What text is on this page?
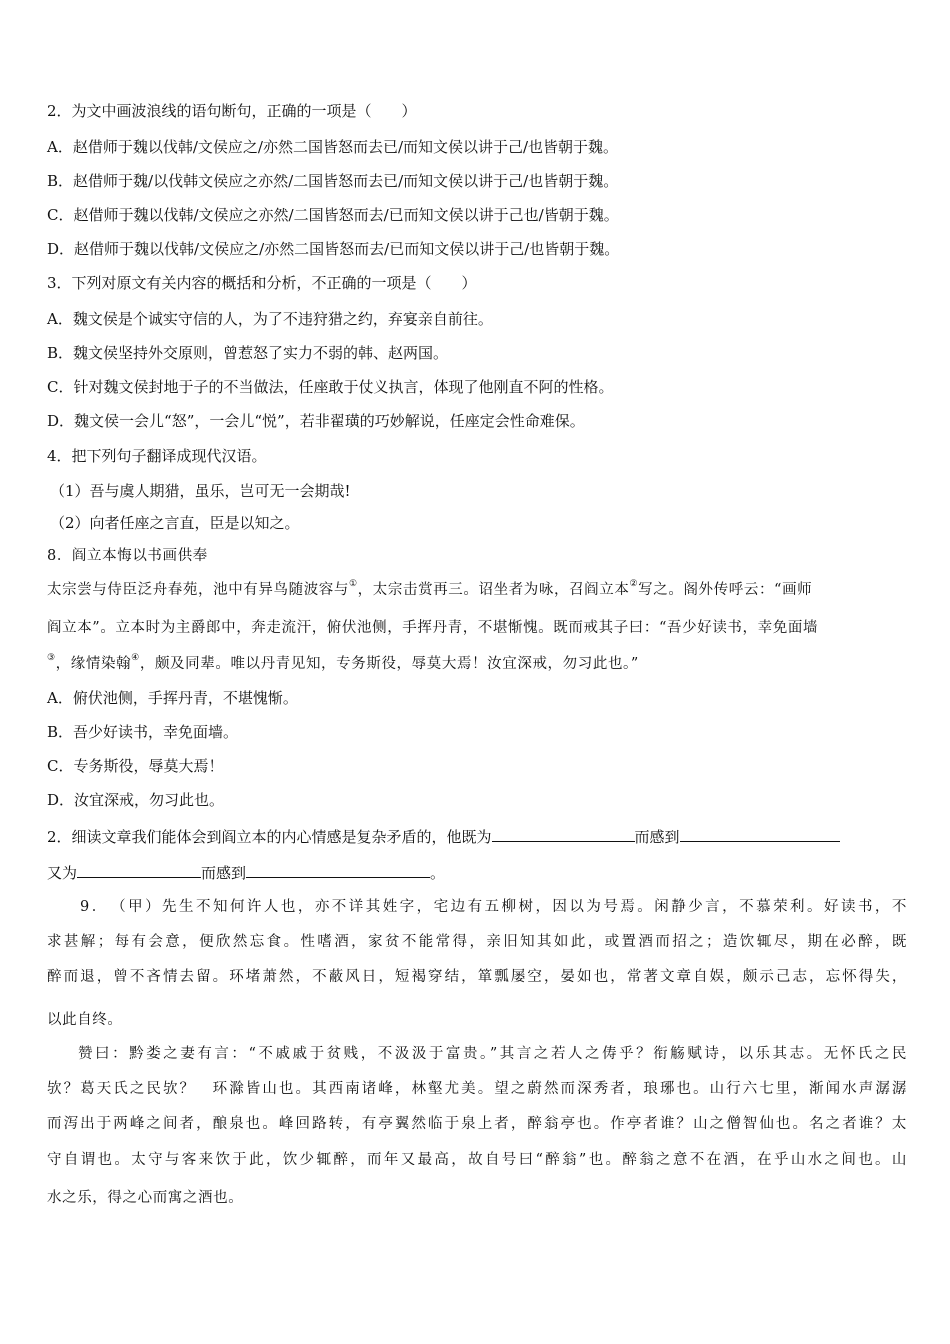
2．为文中画波浪线的语句断句，正确的一项是（　　）
A．赵借师于魏以伐韩/文侯应之/亦然二国皆怒而去已/而知文侯以讲于己/也皆朝于魏。
B．赵借师于魏/以伐韩文侯应之亦然/二国皆怒而去已/而知文侯以讲于己/也皆朝于魏。
C．赵借师于魏以伐韩/文侯应之亦然/二国皆怒而去/已而知文侯以讲于己也/皆朝于魏。
D．赵借师于魏以伐韩/文侯应之/亦然二国皆怒而去/已而知文侯以讲于己/也皆朝于魏。
3．下列对原文有关内容的概括和分析，不正确的一项是（　　）
A．魏文侯是个诚实守信的人，为了不违狩猎之约，弃宴亲自前往。
B．魏文侯坚持外交原则，曾惹怒了实力不弱的韩、赵两国。
C．针对魏文侯封地于子的不当做法，任座敢于仗义执言，体现了他刚直不阿的性格。
D．魏文侯一会儿“怒”，一会儿“悦”，若非翟璜的巧妙解说，任座定会性命难保。
4．把下列句子翻译成现代汉语。
（1）吾与虞人期猎，虽乐，岂可无一会期哉!
（2）向者任座之言直，臣是以知之。
8．阎立本悔以书画供奉
太宗尝与侍臣泛舟春苑，池中有异鸟随波容与①，太宗击赏再三。诏坐者为咏，召阎立本②写之。阁外传呼云：“画师
阎立本”。立本时为主爵郎中，奔走流汗，俯伏池侧，手挥丹青，不堪惭愧。既而戒其子曰：“吾少好读书，幸免面墙
③，缘情染翰④，颇及同辈。唯以丹青见知，专务斯役，辱莫大焉！汝宜深戒，勿习此也。”
A．俯伏池侧，手挥丹青，不堪愧惭。
B．吾少好读书，幸免面墙。
C．专务斯役，辱莫大焉！
D．汝宜深戒，勿习此也。
2．细读文章我们能体会到阎立本的内心情感是复杂矛盾的，他既为	而感到
又为	而感到	。
9．　（甲）先生不知何许人也，亦不详其姓字，宅边有五柳树，因以为号焉。闲静少言，不慕荣利。好读书，不
求甚解；每有会意，便欣然忘食。性嗜酒，家贫不能常得，亲旧知其如此，或置酒而招之；造饮辄尽，期在必醉，既
醉而退，曾不吝情去留。环堵萧然，不蔽风日，短褐穿结，箪瓢屡空，晏如也，常著文章自娱，颇示己志，忘怀得失，
以此自终。
赞曰：黔娄之妻有言：“不戚戚于贫贱，不汲汲于富贵。”其言之若人之俦乎？衔觞赋诗，以乐其志。无怀氏之民
欤？葛天氏之民欤？　环滁皆山也。其西南诸峰，林壑尤美。望之蔚然而深秀者，琅琊也。山行六七里，渐闻水声潺潺
而泻出于两峰之间者，酿泉也。峰回路转，有亭翼然临于泉上者，醉翁亭也。作亭者谁？山之僧智仙也。名之者谁？太
守自谓也。太守与客来饮于此，饮少辄醉，而年又最高，故自号曰“醉翁”也。醉翁之意不在酒，在乎山水之间也。山
水之乐，得之心而寓之酒也。
